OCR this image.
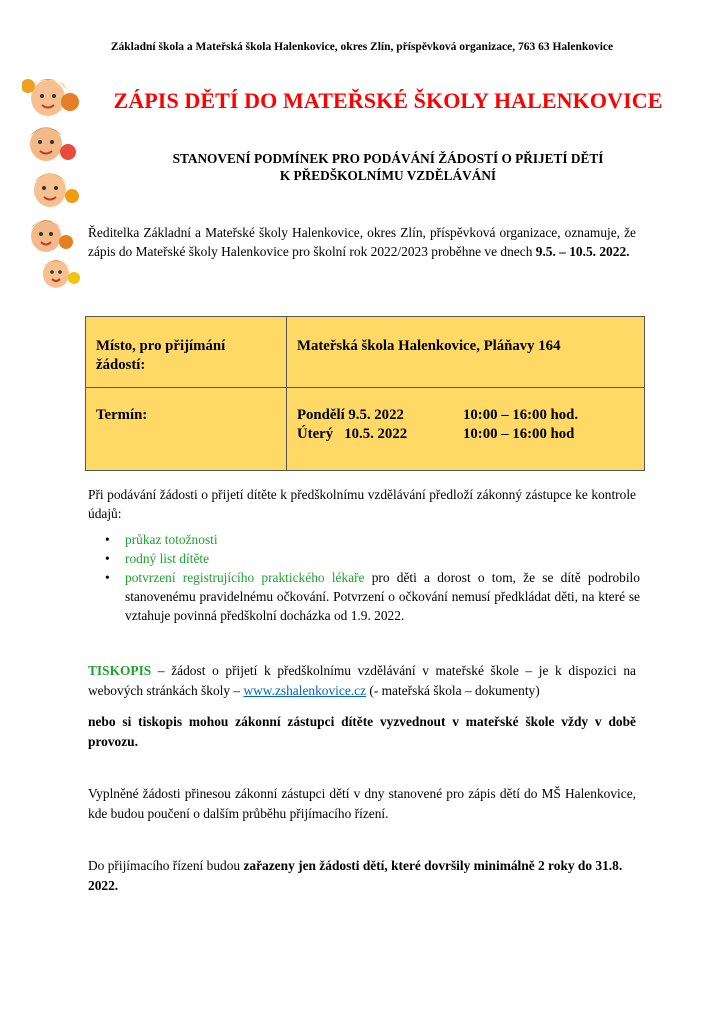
Základní škola a Mateřská škola Halenkovice, okres Zlín, příspěvková organizace, 763 63 Halenkovice
ZÁPIS DĚTÍ DO MATEŘSKÉ ŠKOLY HALENKOVICE
STANOVENÍ PODMÍNEK PRO PODÁVÁNÍ ŽÁDOSTÍ O PŘIJETÍ DĚTÍ
K PŘEDŠKOLNÍMU VZDĚLÁVÁNÍ
Ředitelka Základní a Mateřské školy Halenkovice, okres Zlín, příspěvková organizace, oznamuje, že zápis do Mateřské školy Halenkovice pro školní rok 2022/2023 proběhne ve dnech 9.5. – 10.5. 2022.
Místo, pro přijímání žádostí:	Mateřská škola Halenkovice, Pláňavy 164

Termín:	Pondělí 9.5. 2022 10:00 – 16:00 hod.
Úterý   10.5. 2022 10:00 – 16:00 hod
Při podávání žádosti o přijetí dítěte k předškolnímu vzdělávání předloží zákonný zástupce ke kontrole údajů:
• průkaz totožnosti
• rodný list dítěte
• potvrzení registrujícího praktického lékaře pro děti a dorost o tom, že se dítě podrobilo stanovenému pravidelnému očkování. Potvrzení o očkování nemusí předkládat děti, na které se vztahuje povinná předškolní docházka od 1.9. 2022.
TISKOPIS – žádost o přijetí k předškolnímu vzdělávání v mateřské škole – je k dispozici na webových stránkách školy – www.zshalenkovice.cz (- mateřská škola – dokumenty)
nebo si tiskopis mohou zákonní zástupci dítěte vyzvednout v mateřské škole vždy v době provozu.
Vyplněné žádosti přinesou zákonní zástupci dětí v dny stanovené pro zápis dětí do MŠ Halenkovice, kde budou poučení o dalším průběhu přijímacího řízení.
Do přijímacího řízení budou zařazeny jen žádosti dětí, které dovršily minimálně 2 roky do 31.8. 2022.
